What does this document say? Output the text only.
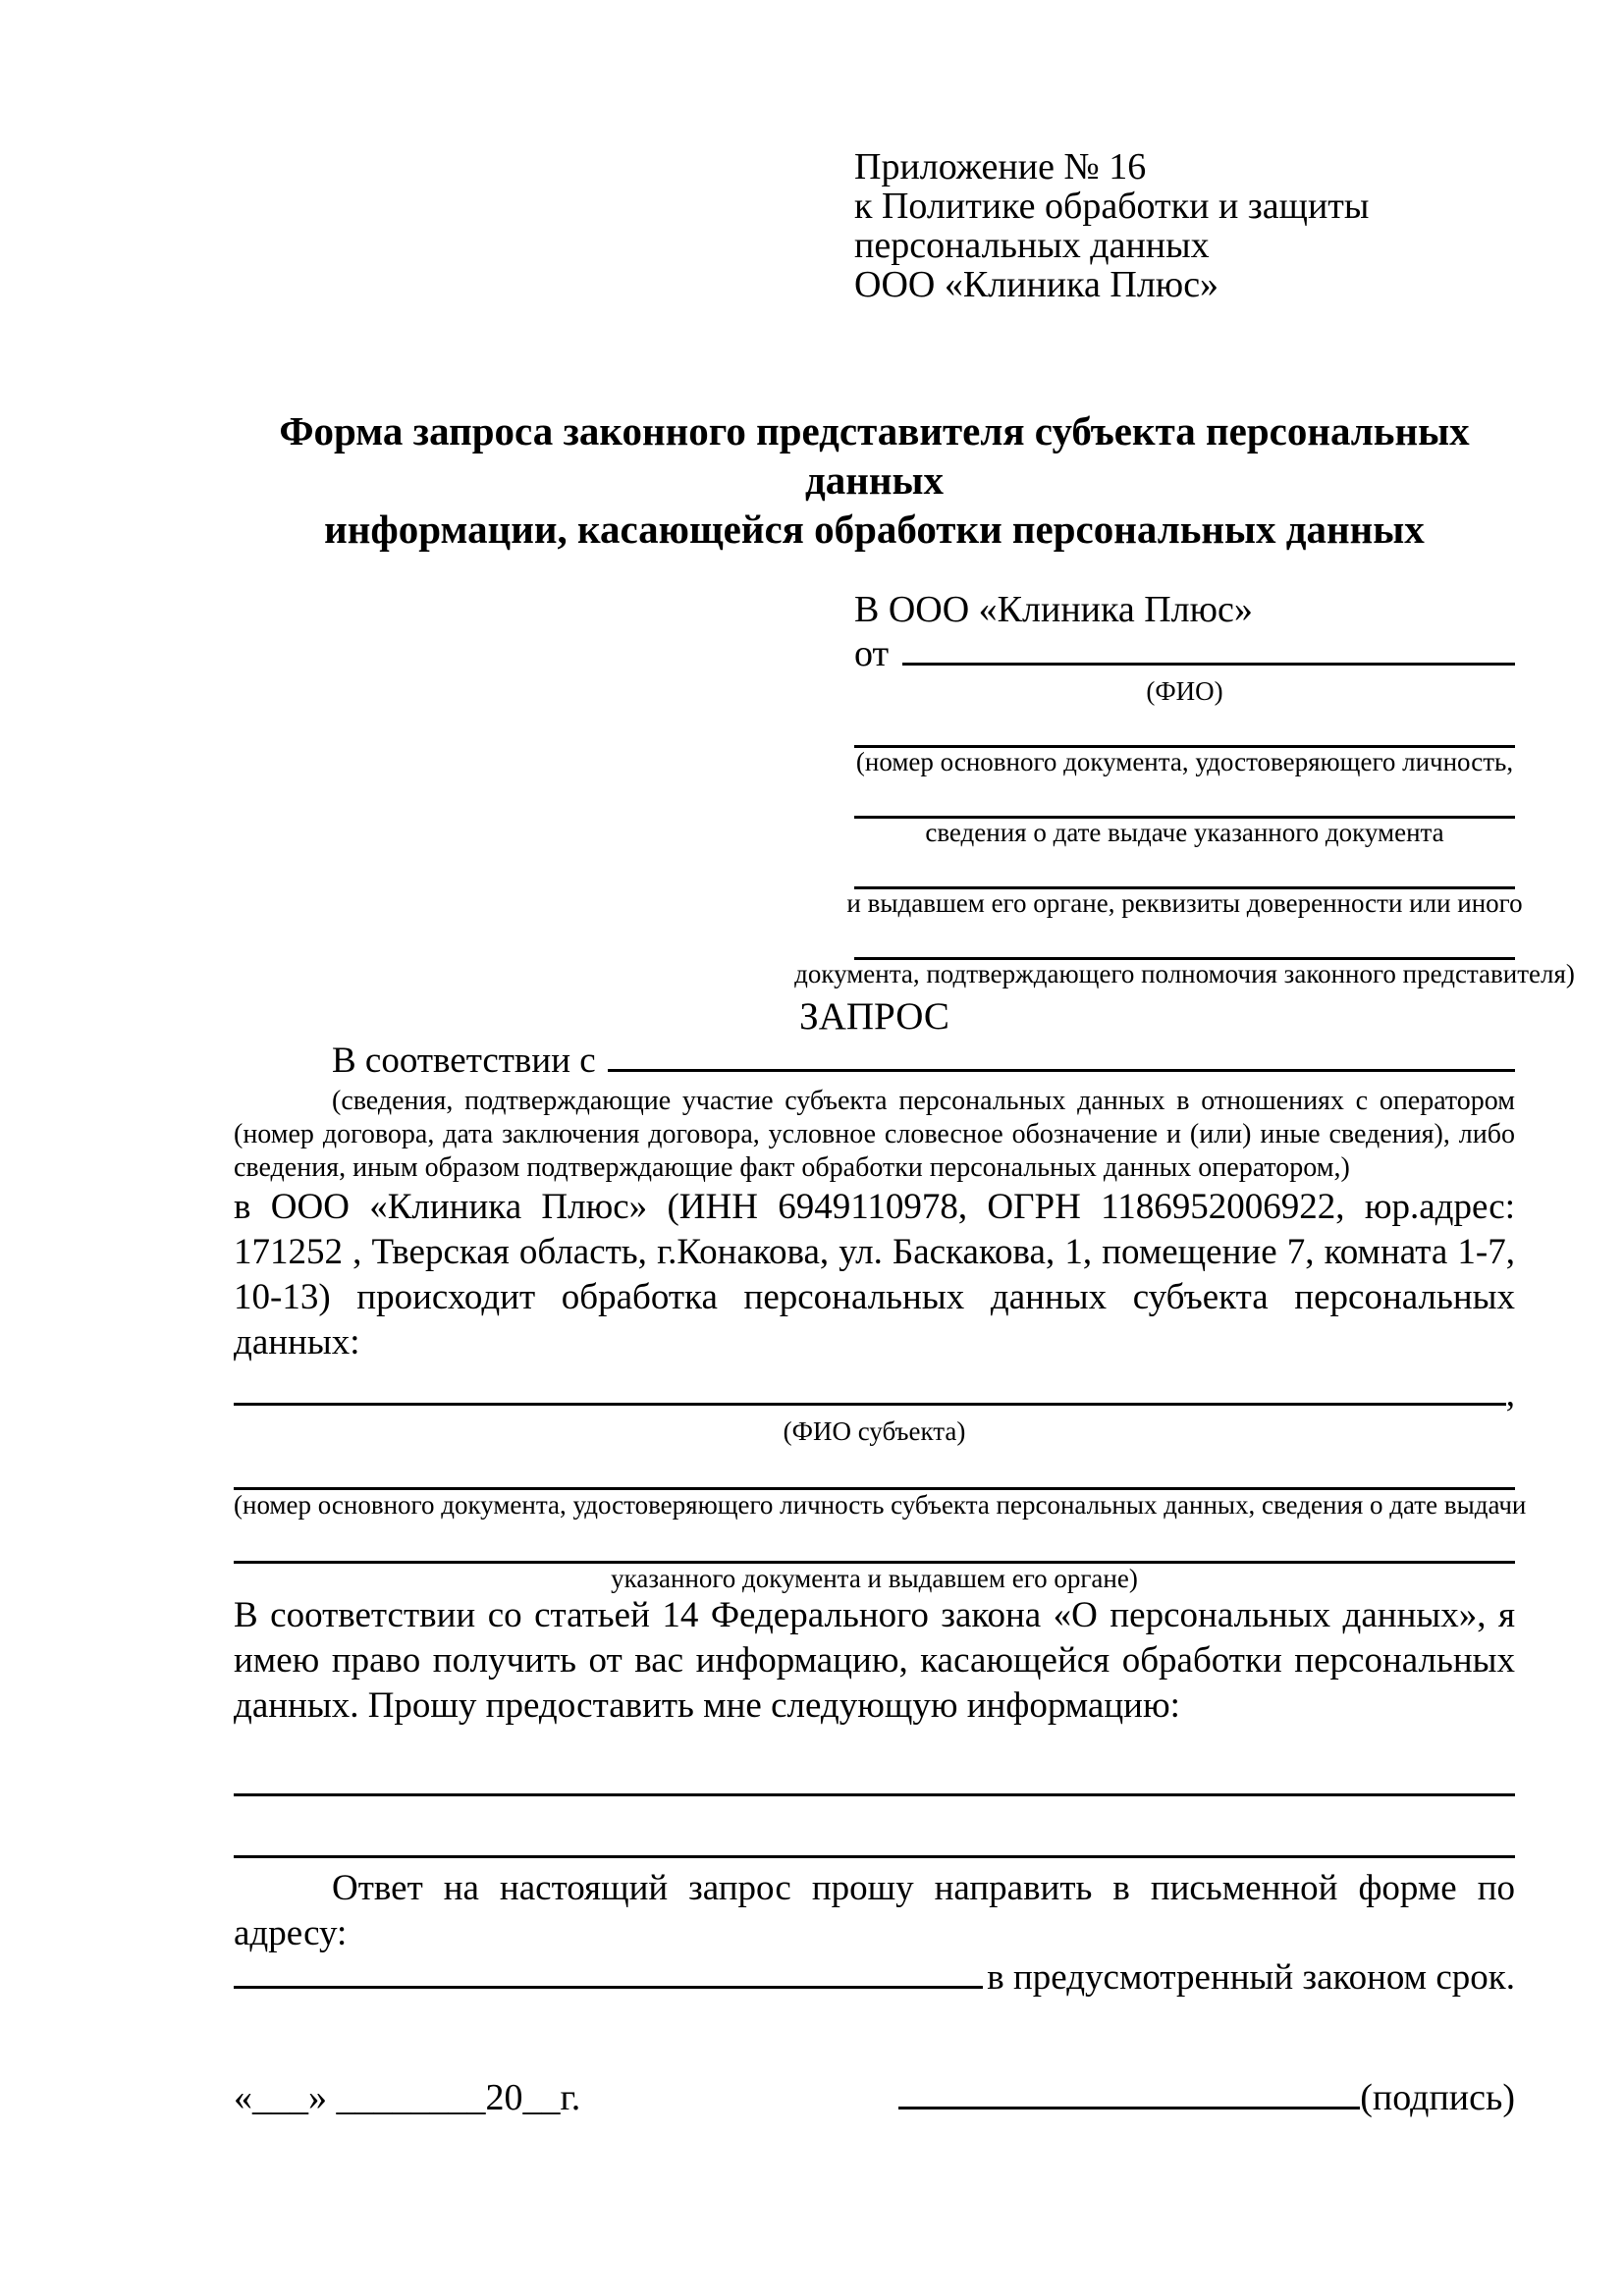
Приложение № 16
к Политике обработки и защиты
персональных данных
ООО «Клиника Плюс»
Форма запроса законного представителя субъекта персональных данных
информации, касающейся обработки персональных данных
В ООО «Клиника Плюс»
от
(ФИО)
(номер основного документа, удостоверяющего личность,
сведения о дате выдаче указанного документа
и выдавшем его органе, реквизиты доверенности или иного
документа, подтверждающего полномочия законного представителя)
ЗАПРОС
В соответствии с
(сведения, подтверждающие участие субъекта персональных данных в отношениях с оператором (номер договора, дата заключения договора, условное словесное обозначение и (или) иные сведения), либо сведения, иным образом подтверждающие факт обработки персональных данных оператором,)

в ООО «Клиника Плюс» (ИНН 6949110978, ОГРН 1186952006922, юр.адрес: 171252 , Тверская область, г.Конакова, ул. Баскакова, 1, помещение 7, комната 1-7, 10-13) происходит обработка персональных данных субъекта персональных данных:

,
(ФИО субъекта)
(номер основного документа, удостоверяющего личность субъекта персональных данных, сведения о дате выдачи
указанного документа и выдавшем его органе)

В соответствии со статьей 14 Федерального закона «О персональных данных», я имею право получить от вас информацию, касающейся обработки персональных данных. Прошу предоставить мне следующую информацию:

Ответ на настоящий запрос прошу направить в письменной форме по адресу:
в предусмотренный законом срок.
«___» ________20__г.	(подпись)
